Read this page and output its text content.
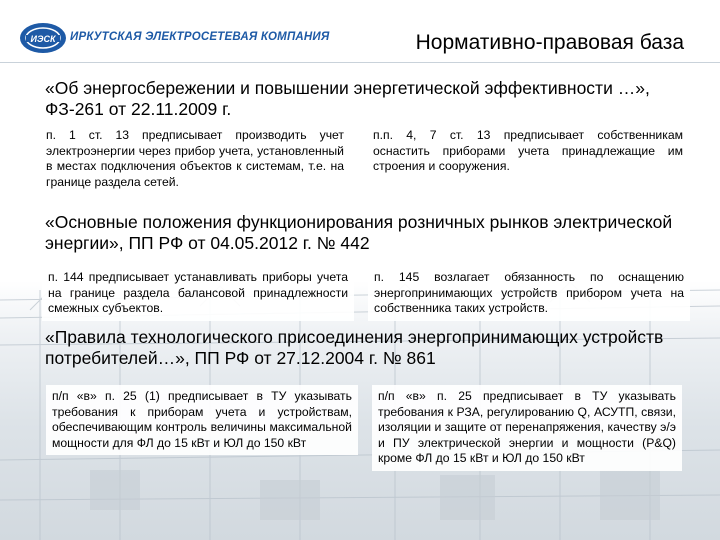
ИЭСК ИРКУТСКАЯ ЭЛЕКТРОСЕТЕВАЯ КОМПАНИЯ	Нормативно-правовая база
«Об энергосбережении и повышении энергетической эффективности …», ФЗ-261 от 22.11.2009 г.
п. 1 ст. 13 предписывает производить учет электроэнергии через прибор учета, установленный в местах подключения объектов к системам, т.е. на границе раздела сетей.
п.п. 4, 7 ст. 13 предписывает собственникам оснастить приборами учета принадлежащие им строения и сооружения.
«Основные положения функционирования розничных рынков электрической энергии», ПП РФ от 04.05.2012 г. № 442
п. 144 предписывает устанавливать приборы учета на границе раздела балансовой принадлежности смежных субъектов.
п. 145 возлагает обязанность по оснащению энергопринимающих устройств прибором учета на собственника таких устройств.
«Правила технологического присоединения энергопринимающих устройств потребителей…», ПП РФ от 27.12.2004 г. № 861
п/п «в» п. 25 (1) предписывает в ТУ указывать требования к приборам учета и устройствам, обеспечивающим контроль величины максимальной мощности для ФЛ до 15 кВт и ЮЛ до 150 кВт
п/п «в» п. 25 предписывает в ТУ указывать требования к РЗА, регулированию Q, АСУТП, связи, изоляции и защите от перенапряжения, качеству э/э и ПУ электрической энергии и мощности (P&Q) кроме ФЛ до 15 кВт и ЮЛ до 150 кВт
